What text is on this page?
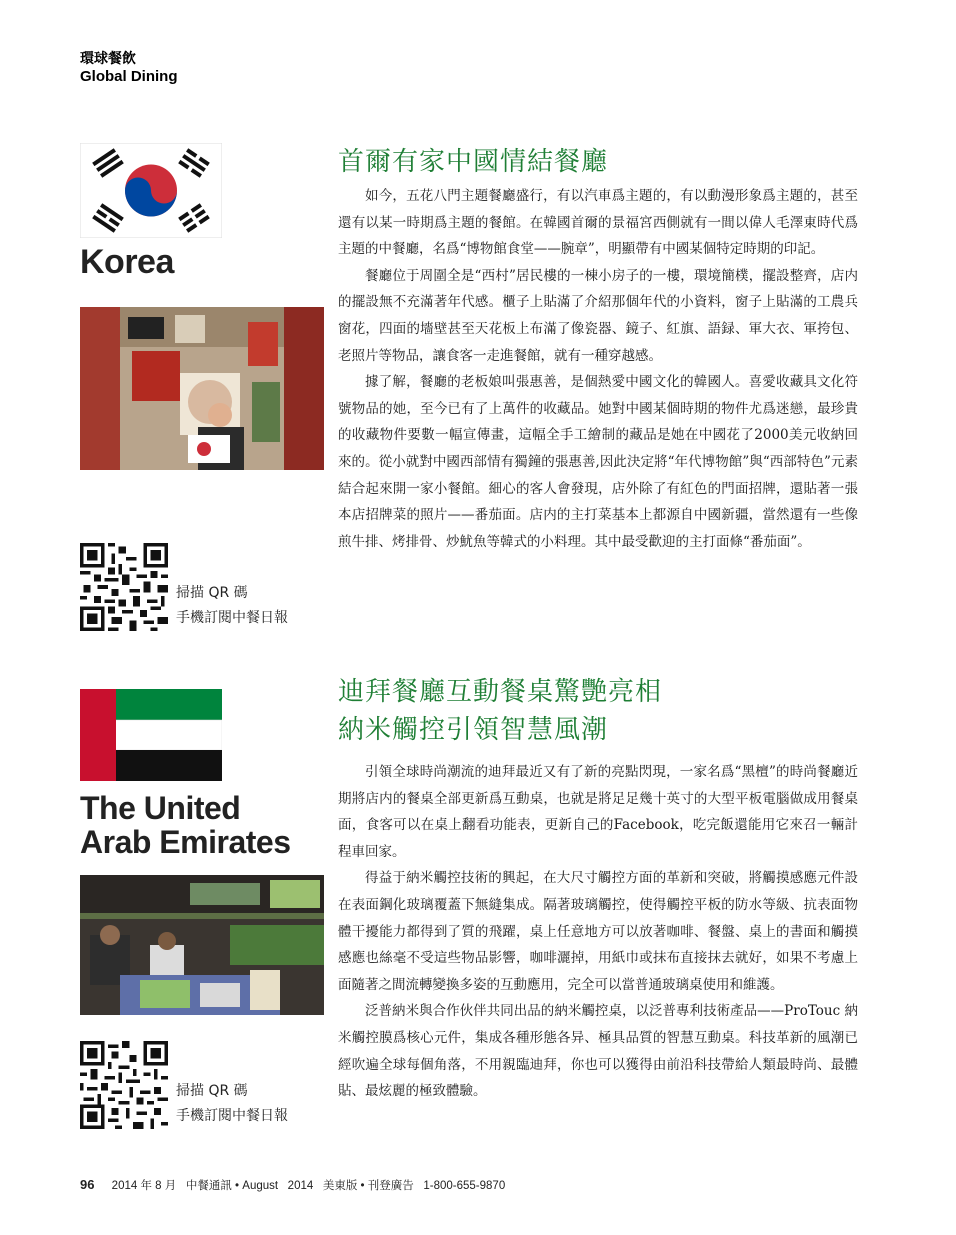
環球餐飲
Global Dining
Korea
掃描 QR 碼
手機訂閱中餐日報
首爾有家中國情結餐廳

如今，五花八門主題餐廳盛行，有以汽車爲主題的，有以動漫形象爲主題的，甚至還有以某一時期爲主題的餐館。在韓國首爾的景福宮西側就有一間以偉人毛澤東時代爲主題的中餐廳，名爲“博物館食堂——腕章”，明顯帶有中國某個特定時期的印記。

餐廳位于周圍全是“西村”居民樓的一棟小房子的一樓，環境簡樸，擺設整齊，店内的擺設無不充滿著年代感。櫃子上貼滿了介紹那個年代的小資料，窗子上貼滿的工農兵窗花，四面的墻壁甚至天花板上布滿了像瓷器、鏡子、紅旗、語録、軍大衣、軍挎包、老照片等物品，讓食客一走進餐館，就有一種穿越感。

據了解，餐廳的老板娘叫張惠善，是個熱愛中國文化的韓國人。喜愛收藏具文化符號物品的她，至今已有了上萬件的收藏品。她對中國某個時期的物件尤爲迷戀，最珍貴的收藏物件要數一幅宣傳畫，這幅全手工繪制的藏品是她在中國花了2000美元收納回來的。從小就對中國西部情有獨鐘的張惠善,因此決定將“年代博物館”與“西部特色”元素結合起來開一家小餐館。細心的客人會發現，店外除了有紅色的門面招牌，還貼著一張本店招牌菜的照片——番茄面。店内的主打菜基本上都源自中國新疆，當然還有一些像煎牛排、烤排骨、炒魷魚等韓式的小料理。其中最受歡迎的主打面條“番茄面”。

The United
Arab Emirates
掃描 QR 碼
手機訂閱中餐日報
迪拜餐廳互動餐桌驚艷亮相
納米觸控引領智慧風潮

引領全球時尚潮流的迪拜最近又有了新的亮點閃現，一家名爲“黑檀”的時尚餐廳近期將店内的餐桌全部更新爲互動桌，也就是將足足幾十英寸的大型平板電腦做成用餐桌面，食客可以在桌上翻看功能表，更新自己的Facebook，吃完飯還能用它來召一輛計程車回家。

得益于納米觸控技術的興起，在大尺寸觸控方面的革新和突破，將觸摸感應元件設在表面鋼化玻璃覆蓋下無縫集成。隔著玻璃觸控，使得觸控平板的防水等級、抗表面物體干擾能力都得到了質的飛躍，桌上任意地方可以放著咖啡、餐盤、桌上的書面和觸摸感應也絲毫不受這些物品影響，咖啡灑掉，用紙巾或抹布直接抹去就好，如果不考慮上面隨著之間流轉變換多姿的互動應用，完全可以當普通玻璃桌使用和維護。

泛普納米與合作伙伴共同出品的納米觸控桌，以泛普專利技術產品——ProTouc 納米觸控膜爲核心元件，集成各種形態各异、極具品質的智慧互動桌。科技革新的風潮已經吹遍全球每個角落，不用親臨迪拜，你也可以獲得由前沿科技帶給人類最時尚、最體貼、最炫麗的極致體驗。

96 2014 年 8 月 中餐通訊 • August 2014 美東版 • 刊登廣告 1-800-655-9870
